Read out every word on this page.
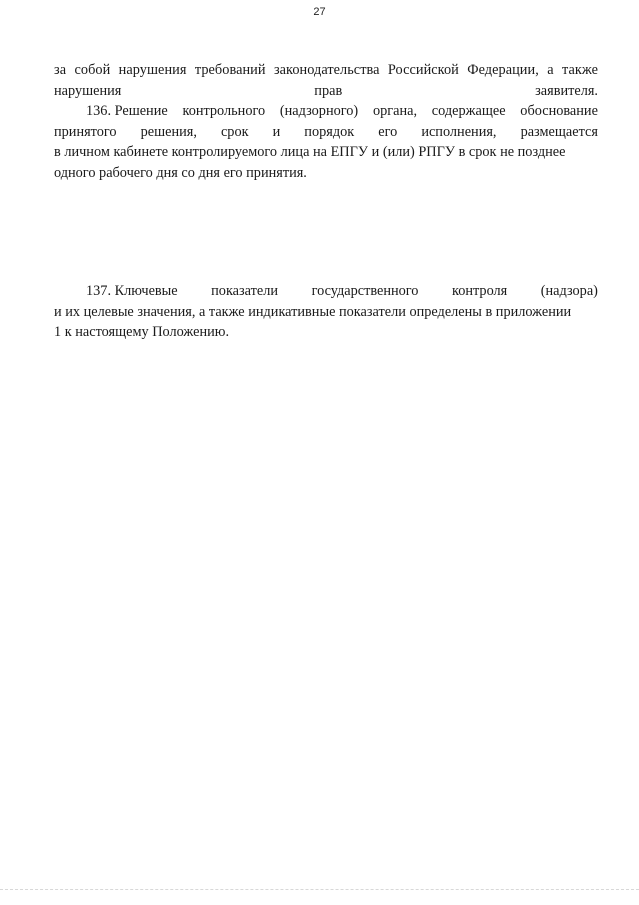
27
за собой нарушения требований законодательства Российской Федерации, а также
нарушения прав заявителя.
136. Решение контрольного (надзорного) органа, содержащее обоснование
принятого решения, срок и порядок его исполнения, размещается
в личном кабинете контролируемого лица на ЕПГУ и (или) РПГУ в срок не позднее
одного рабочего дня со дня его принятия.
137. Ключевые показатели государственного контроля (надзора)
и их целевые значения, а также индикативные показатели определены в приложении
1 к настоящему Положению.
